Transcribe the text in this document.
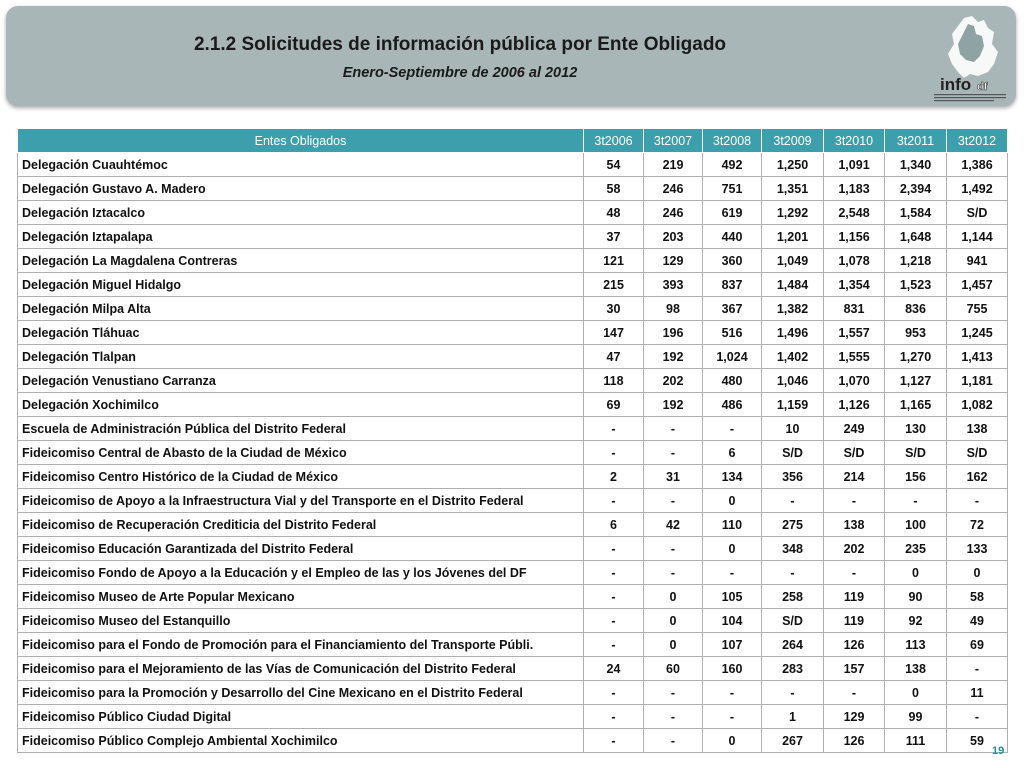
2.1.2 Solicitudes de información pública por Ente Obligado
Enero-Septiembre de 2006 al 2012
info df
Entes Obligados	3t2006	3t2007	3t2008	3t2009	3t2010	3t2011	3t2012
Delegación Cuauhtémoc	54	219	492	1,250	1,091	1,340	1,386
Delegación Gustavo A. Madero	58	246	751	1,351	1,183	2,394	1,492
Delegación Iztacalco	48	246	619	1,292	2,548	1,584	S/D
Delegación Iztapalapa	37	203	440	1,201	1,156	1,648	1,144
Delegación La Magdalena Contreras	121	129	360	1,049	1,078	1,218	941
Delegación Miguel Hidalgo	215	393	837	1,484	1,354	1,523	1,457
Delegación Milpa Alta	30	98	367	1,382	831	836	755
Delegación Tláhuac	147	196	516	1,496	1,557	953	1,245
Delegación Tlalpan	47	192	1,024	1,402	1,555	1,270	1,413
Delegación Venustiano Carranza	118	202	480	1,046	1,070	1,127	1,181
Delegación Xochimilco	69	192	486	1,159	1,126	1,165	1,082
Escuela de Administración Pública del Distrito Federal	-	-	-	10	249	130	138
Fideicomiso Central de Abasto de la Ciudad de México	-	-	6	S/D	S/D	S/D	S/D
Fideicomiso Centro Histórico de la Ciudad de México	2	31	134	356	214	156	162
Fideicomiso de Apoyo a la Infraestructura Vial y del Transporte en el Distrito Federal	-	-	0	-	-	-	-
Fideicomiso de Recuperación Crediticia del Distrito Federal	6	42	110	275	138	100	72
Fideicomiso Educación Garantizada del Distrito Federal	-	-	0	348	202	235	133
Fideicomiso Fondo de Apoyo a la Educación y el Empleo de las y los Jóvenes del DF	-	-	-	-	-	0	0
Fideicomiso Museo de Arte Popular Mexicano	-	0	105	258	119	90	58
Fideicomiso Museo del Estanquillo	-	0	104	S/D	119	92	49
Fideicomiso para el Fondo de Promoción para el Financiamiento del Transporte Públi.	-	0	107	264	126	113	69
Fideicomiso para el Mejoramiento de las Vías de Comunicación del Distrito Federal	24	60	160	283	157	138	-
Fideicomiso para la Promoción y Desarrollo del Cine Mexicano en el Distrito Federal	-	-	-	-	-	0	11
Fideicomiso Público Ciudad Digital	-	-	-	1	129	99	-
Fideicomiso Público Complejo Ambiental Xochimilco	-	-	0	267	126	111	59
19
